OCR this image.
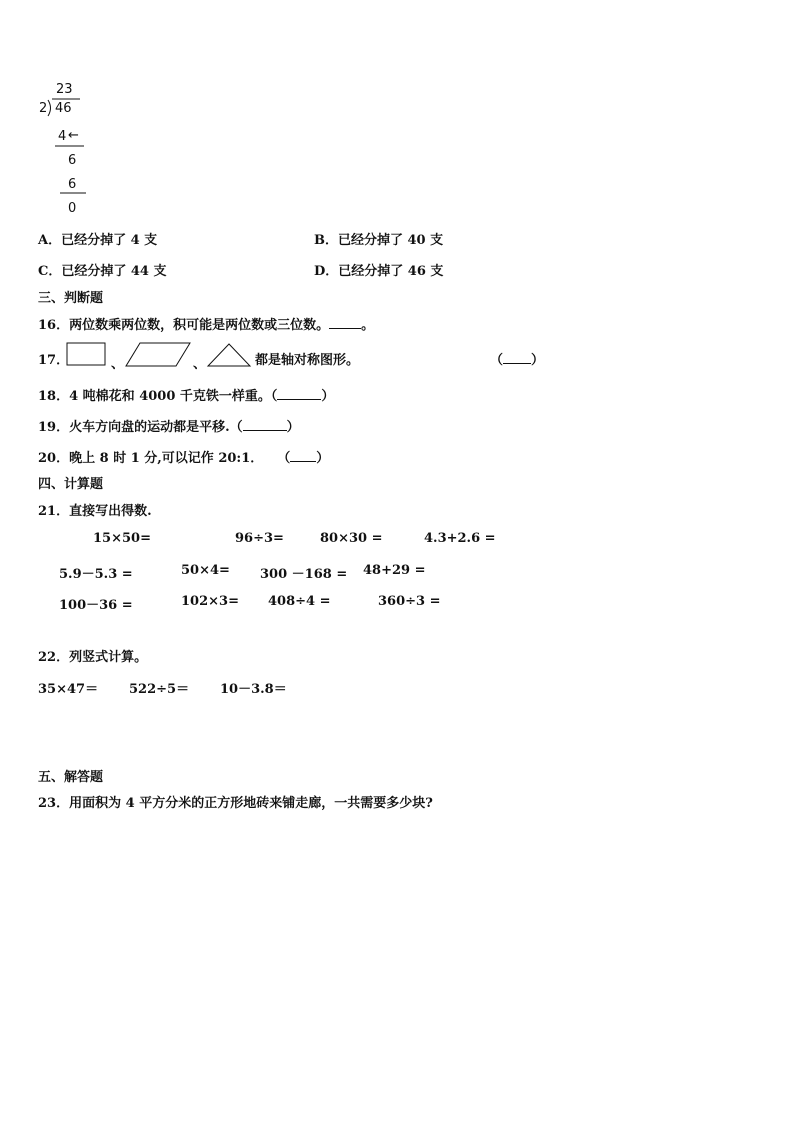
23
2 46
4 ←
6
6
0
A．已经分掉了 4 支	B．已经分掉了 40 支
C．已经分掉了 44 支	D．已经分掉了 46 支
三、判断题
16．两位数乘两位数，积可能是两位数或三位数。 。
17．	、	、	都是轴对称图形。	（ ）
18．4 吨棉花和 4000 千克铁一样重。（	）
19．火车方向盘的运动都是平移.（	）
20．晚上 8 时 1 分,可以记作 20:1． （ ）
四、计算题
21．直接写出得数.
15×50=	96÷3=	80×30 =	4.3+2.6 =
5.9－5.3 =	50×4= 300 －168 = 48+29 =
100－36 =	102×3= 408÷4 =	360÷3 =
22．列竖式计算。
35×47＝ 522÷5＝ 10－3.8＝
五、解答题
23．用面积为 4 平方分米的正方形地砖来铺走廊，一共需要多少块?
